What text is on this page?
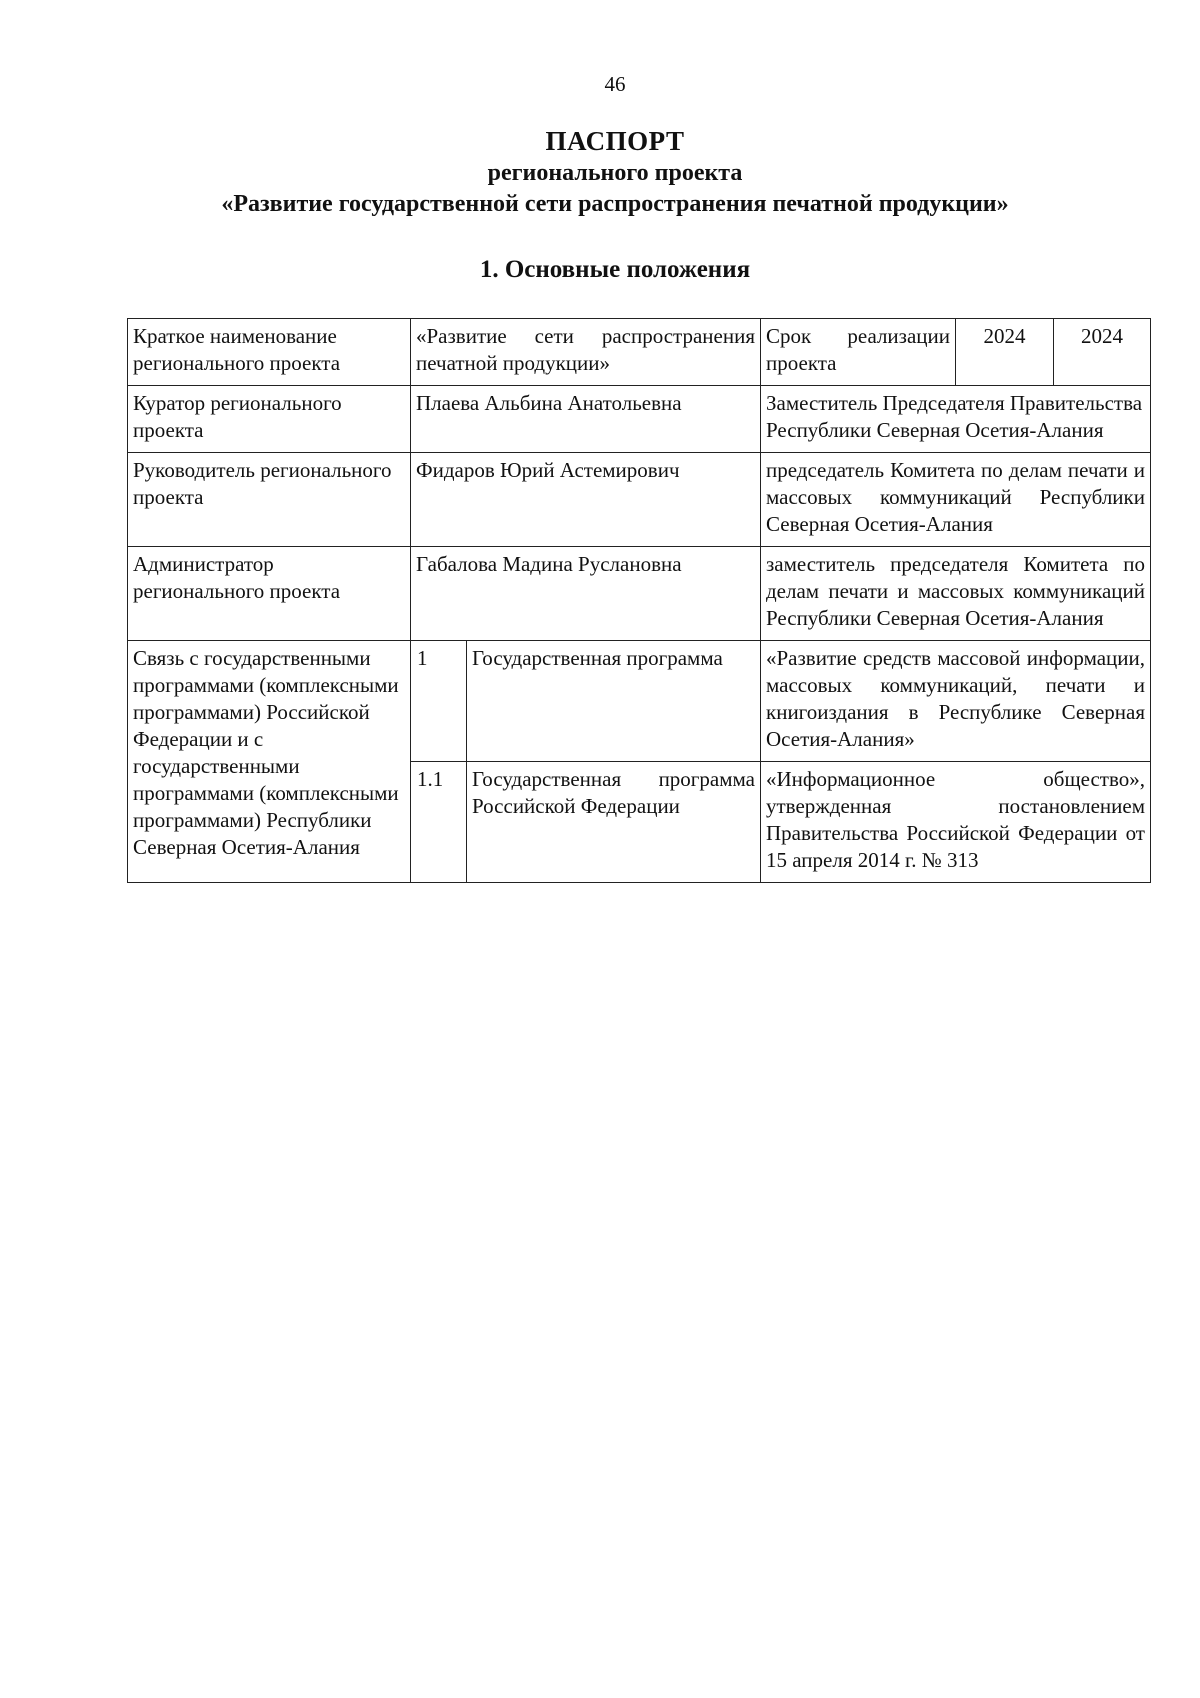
46
ПАСПОРТ
регионального проекта
«Развитие государственной сети распространения печатной продукции»
1. Основные положения
Краткое наименование регионального проекта	«Развитие сети распространения печатной продукции»		Срок реализации проекта	2024	2024
Куратор регионального проекта	Плаева Альбина Анатольевна		Заместитель Председателя Правительства Республики Северная Осетия-Алания		
Руководитель регионального проекта	Фидаров Юрий Астемирович		председатель Комитета по делам печати и массовых коммуникаций Республики Северная Осетия-Алания		
Администратор регионального проекта	Габалова Мадина Руслановна		заместитель председателя Комитета по делам печати и массовых коммуникаций Республики Северная Осетия-Алания		
Связь с государственными программами (комплексными программами) Российской Федерации и с государственными программами (комплексными программами) Республики Северная Осетия-Алания	1	Государственная программа	«Развитие средств массовой информации, массовых коммуникаций, печати и книгоиздания в Республике Северная Осетия-Алания»		
	1.1	Государственная программа Российской Федерации	«Информационное общество», утвержденная постановлением Правительства Российской Федерации от 15 апреля 2014 г. № 313		
